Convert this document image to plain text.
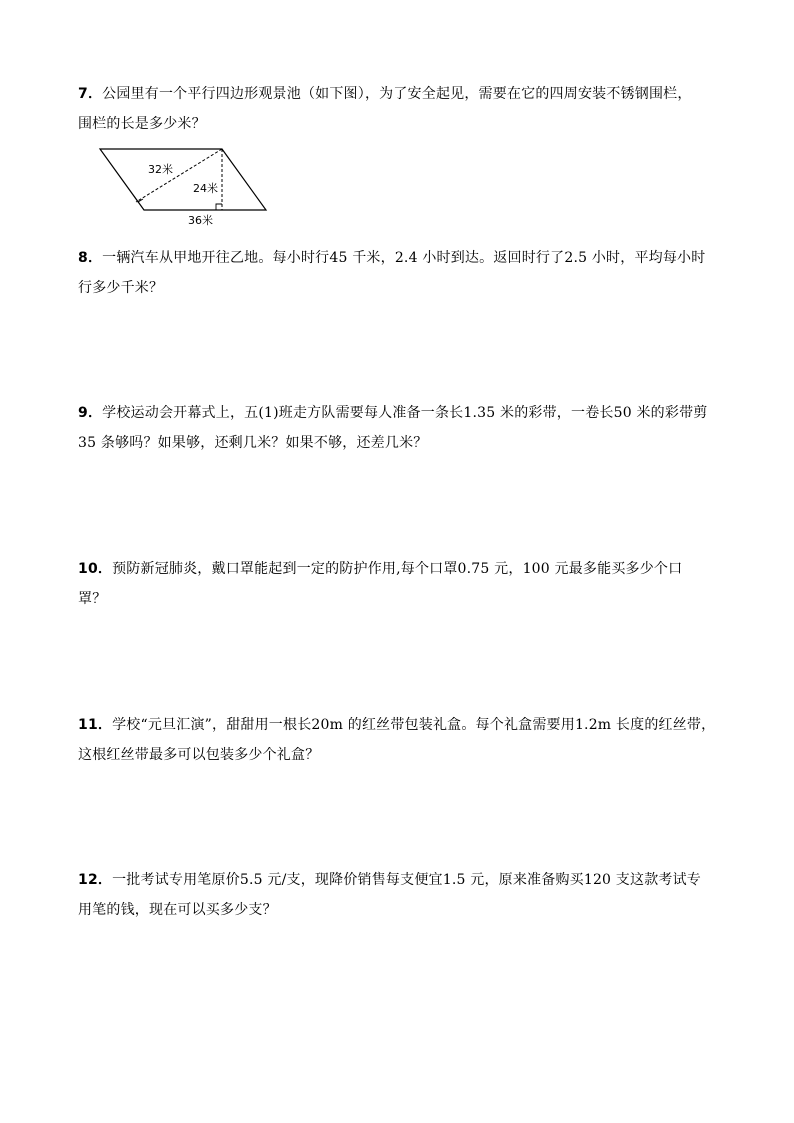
7．公园里有一个平行四边形观景池（如下图），为了安全起见，需要在它的四周安装不锈钢围栏，
围栏的长是多少米？
32米
24米
36米
8．一辆汽车从甲地开往乙地。每小时行45 千米，2.4 小时到达。返回时行了2.5 小时，平均每小时
行多少千米？
9．学校运动会开幕式上，五(1)班走方队需要每人准备一条长1.35 米的彩带，一卷长50 米的彩带剪
35 条够吗？如果够，还剩几米？如果不够，还差几米？
10．预防新冠肺炎，戴口罩能起到一定的防护作用,每个口罩0.75 元，100 元最多能买多少个口
罩？
11．学校“元旦汇演”，甜甜用一根长20m 的红丝带包装礼盒。每个礼盒需要用1.2m 长度的红丝带，
这根红丝带最多可以包装多少个礼盒？
12．一批考试专用笔原价5.5 元/支，现降价销售每支便宜1.5 元，原来准备购买120 支这款考试专
用笔的钱，现在可以买多少支？
